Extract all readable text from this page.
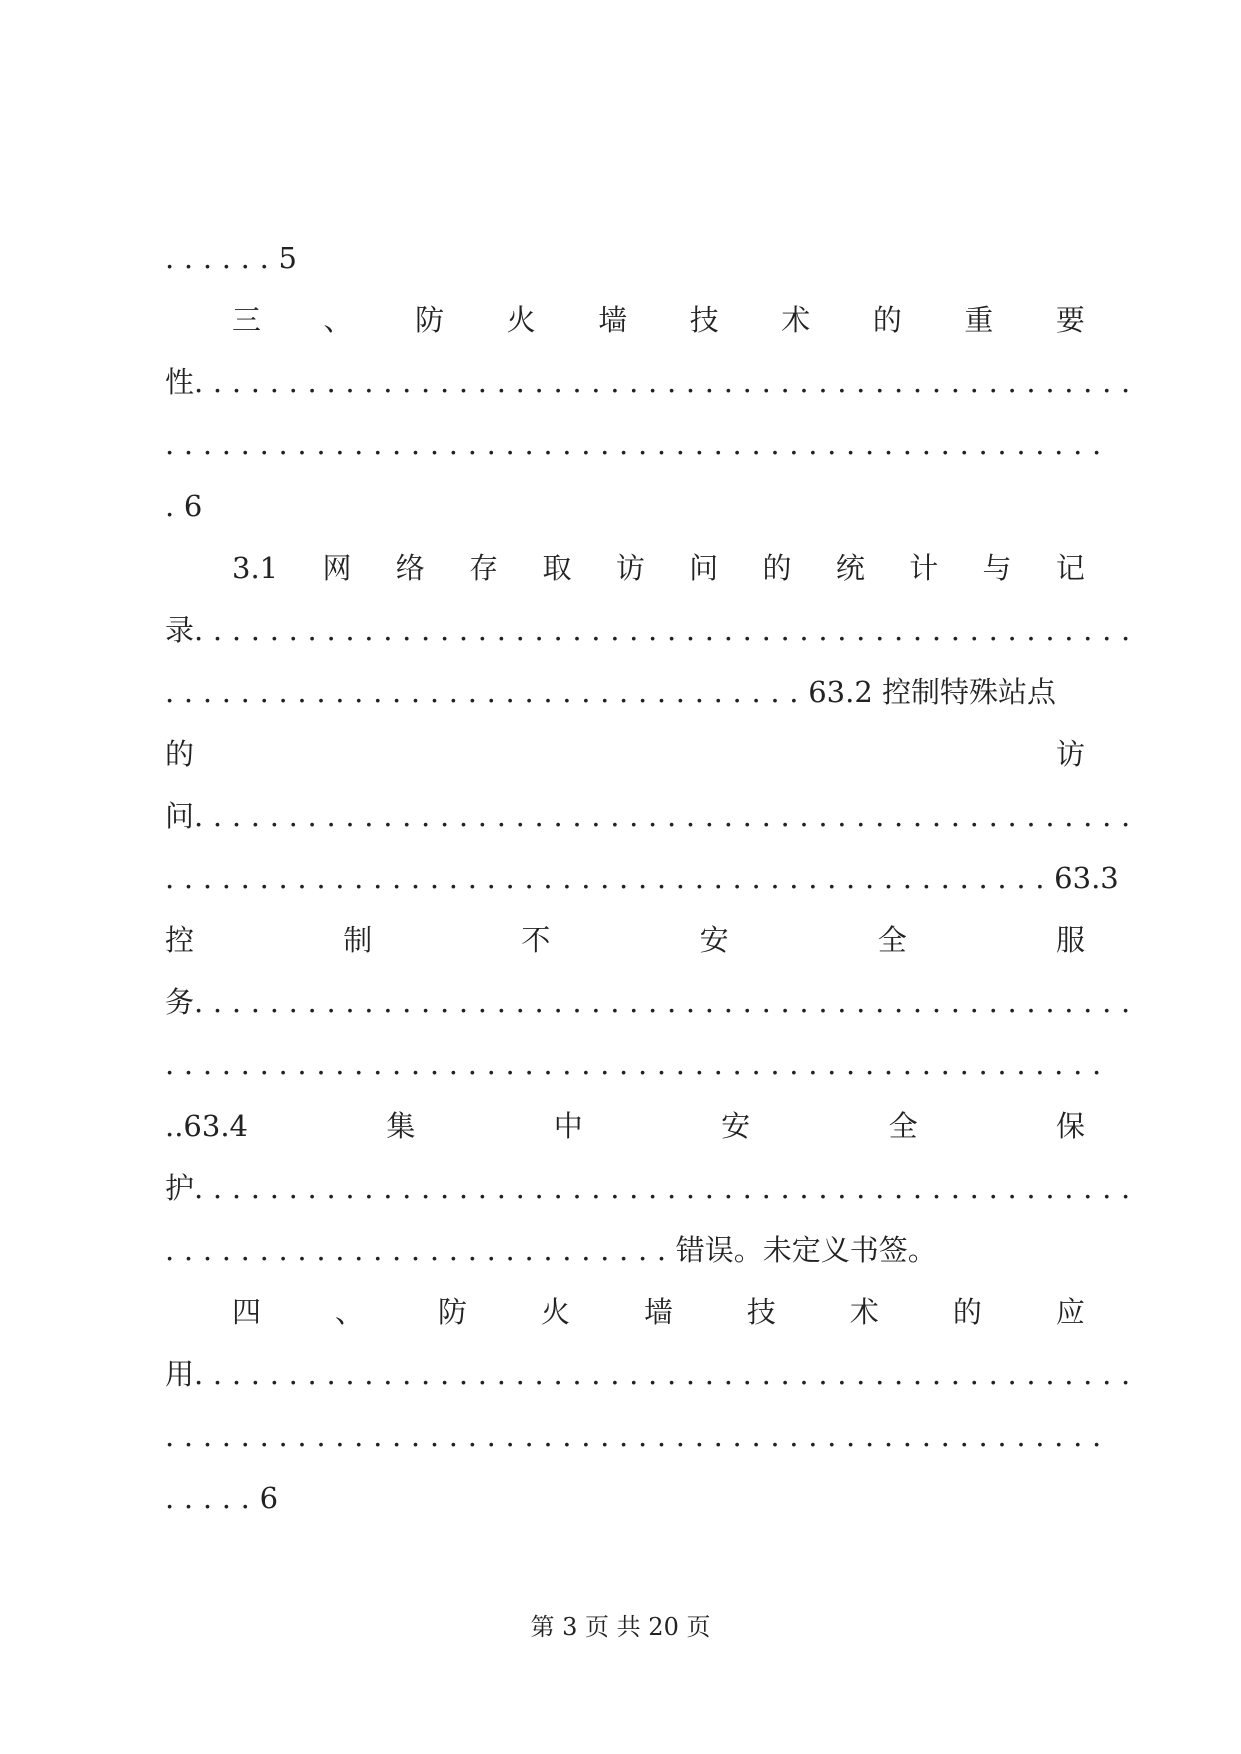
...... 5
三 、 防 火 墙 技 术 的 重 要
性 ..................................................
..................................................
. 6
3.1 网 络 存 取 访 问 的 统 计 与 记
录 ..................................................
.................................. 63.2 控制特殊站点
的	访
问 ..................................................
............................................... 63.3
控	制	不	安	全	服
务 ..................................................
..................................................
..63.4	集	中	安	全	保
护 ..................................................
........................... 错误。未定义书签。
四	、	防	火	墙	技	术	的	应
用 ..................................................
..................................................
..... 6
第 3 页 共 20 页
